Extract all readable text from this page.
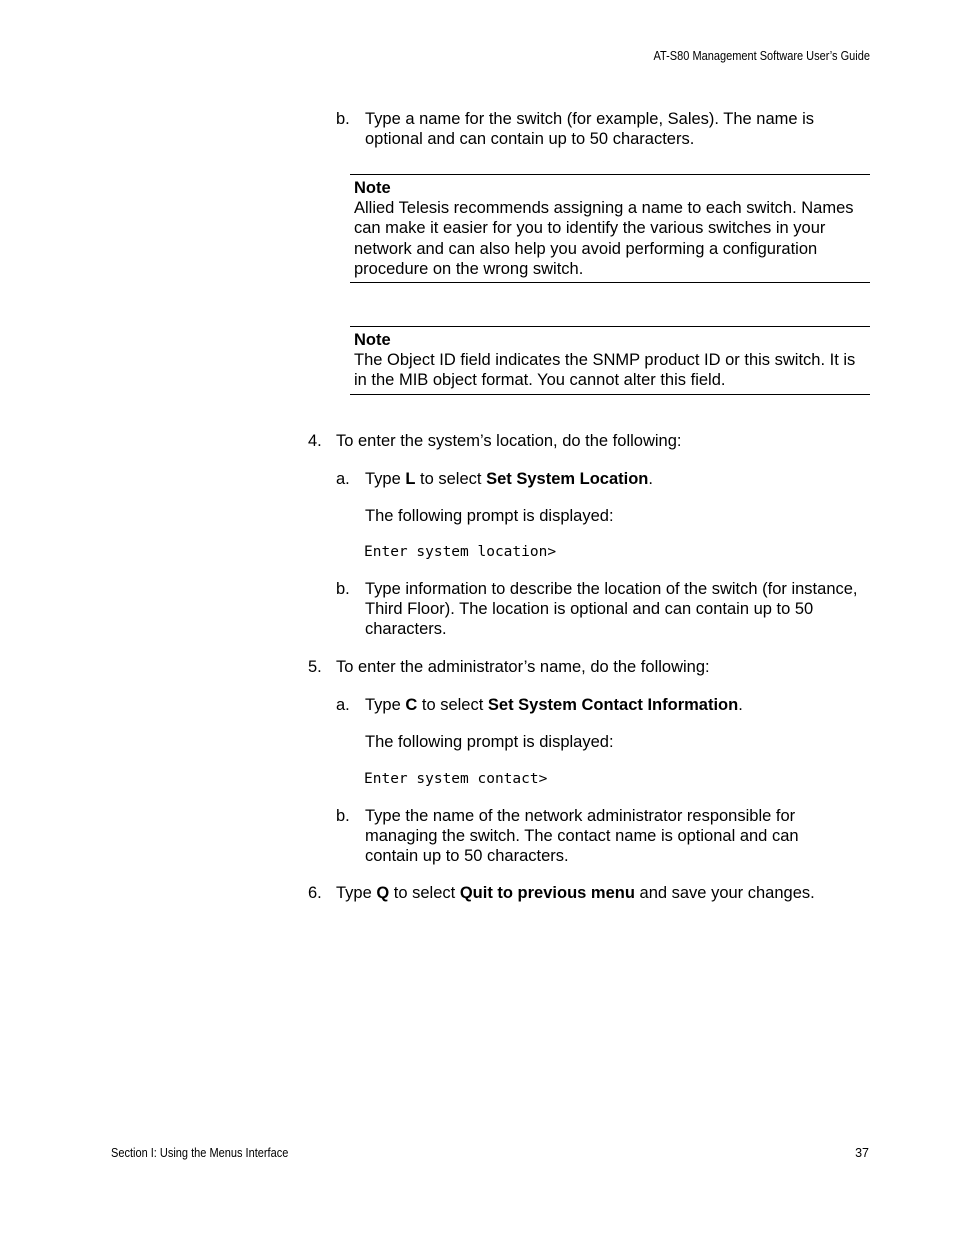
AT-S80 Management Software User’s Guide
b. Type a name for the switch (for example, Sales). The name is optional and can contain up to 50 characters.
Note
Allied Telesis recommends assigning a name to each switch. Names can make it easier for you to identify the various switches in your network and can also help you avoid performing a configuration procedure on the wrong switch.
Note
The Object ID field indicates the SNMP product ID or this switch. It is in the MIB object format. You cannot alter this field.
4. To enter the system’s location, do the following:
a. Type L to select Set System Location.
The following prompt is displayed:
Enter system location>
b. Type information to describe the location of the switch (for instance, Third Floor). The location is optional and can contain up to 50 characters.
5. To enter the administrator’s name, do the following:
a. Type C to select Set System Contact Information.
The following prompt is displayed:
Enter system contact>
b. Type the name of the network administrator responsible for managing the switch. The contact name is optional and can contain up to 50 characters.
6. Type Q to select Quit to previous menu and save your changes.
Section I: Using the Menus Interface	37
